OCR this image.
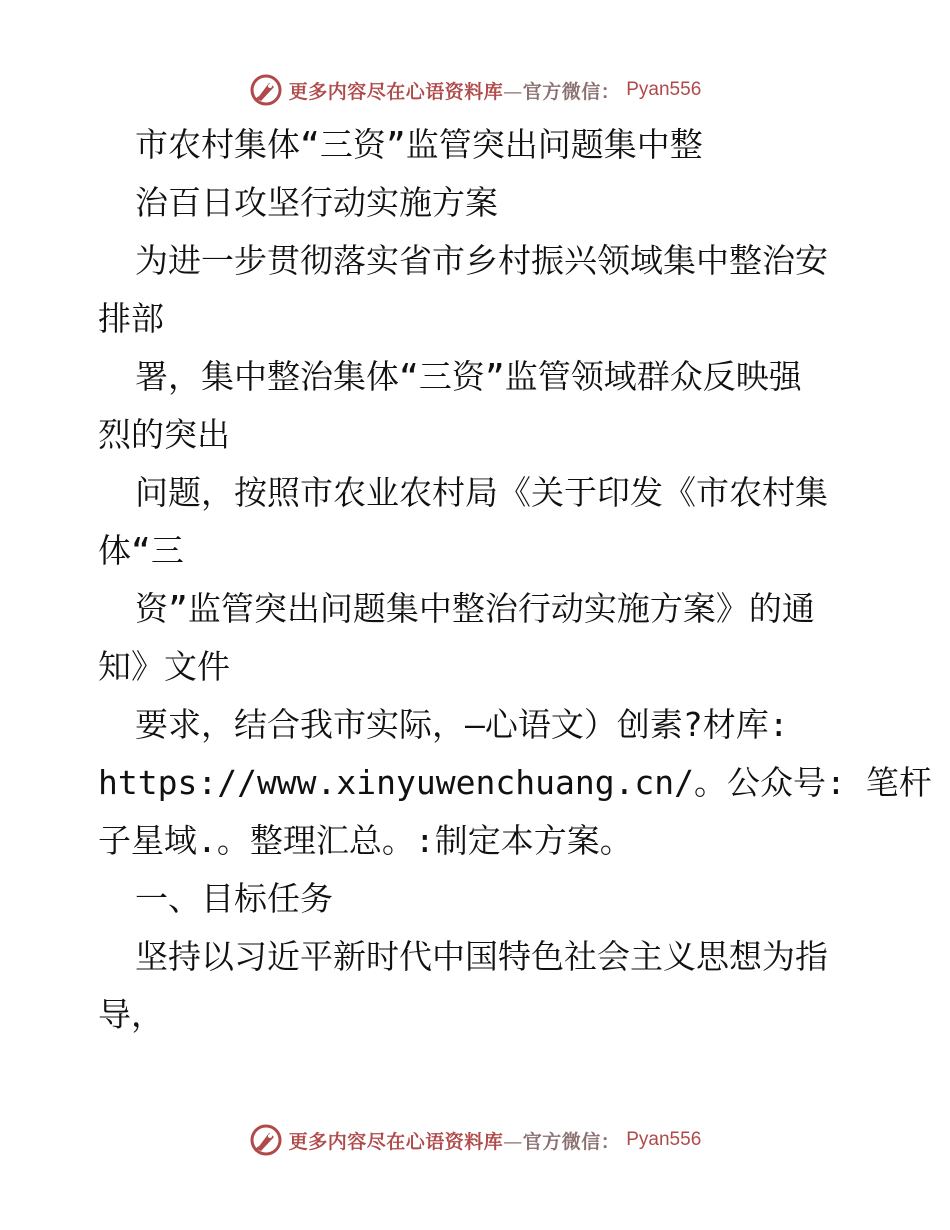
更多内容尽在心语资料库—官方微信： Pyan556
市农村集体“三资”监管突出问题集中整
治百日攻坚行动实施方案
为进一步贯彻落实省市乡村振兴领域集中整治安
排部
署，集中整治集体“三资”监管领域群众反映强
烈的突出
问题，按照市农业农村局《关于印发《市农村集
体“三
资”监管突出问题集中整治行动实施方案》的通
知》文件
要求，结合我市实际，—心语文）创素?材库:
https://www.xinyuwenchuang.cn/。公众号: 笔杆
子星域.。整理汇总。:制定本方案。
一、目标任务
坚持以习近平新时代中国特色社会主义思想为指
导，
更多内容尽在心语资料库—官方微信： Pyan556
